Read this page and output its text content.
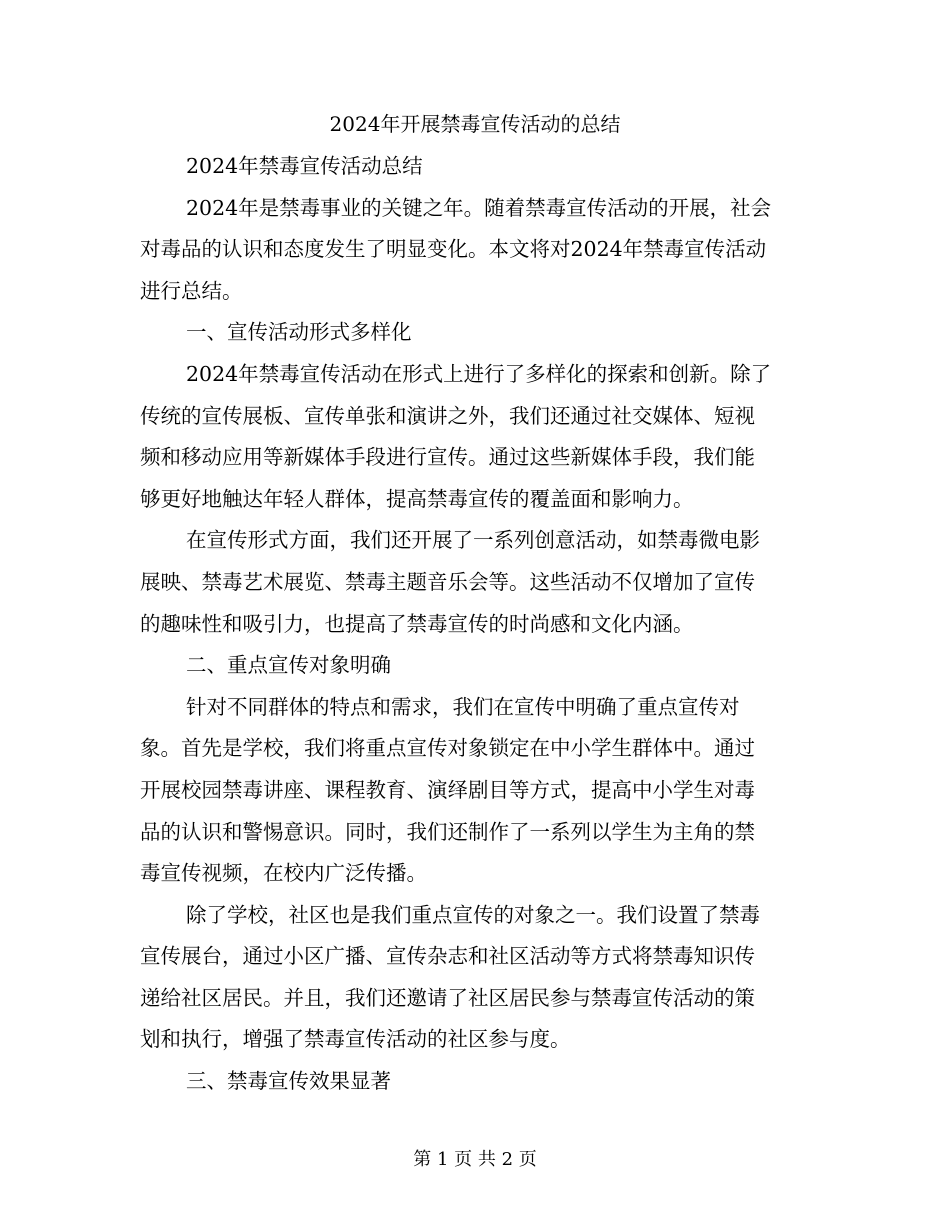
2024年开展禁毒宣传活动的总结
2024年禁毒宣传活动总结
2024年是禁毒事业的关键之年。随着禁毒宣传活动的开展，社会
对毒品的认识和态度发生了明显变化。本文将对2024年禁毒宣传活动
进行总结。
一、宣传活动形式多样化
2024年禁毒宣传活动在形式上进行了多样化的探索和创新。除了
传统的宣传展板、宣传单张和演讲之外，我们还通过社交媒体、短视
频和移动应用等新媒体手段进行宣传。通过这些新媒体手段，我们能
够更好地触达年轻人群体，提高禁毒宣传的覆盖面和影响力。
在宣传形式方面，我们还开展了一系列创意活动，如禁毒微电影
展映、禁毒艺术展览、禁毒主题音乐会等。这些活动不仅增加了宣传
的趣味性和吸引力，也提高了禁毒宣传的时尚感和文化内涵。
二、重点宣传对象明确
针对不同群体的特点和需求，我们在宣传中明确了重点宣传对
象。首先是学校，我们将重点宣传对象锁定在中小学生群体中。通过
开展校园禁毒讲座、课程教育、演绎剧目等方式，提高中小学生对毒
品的认识和警惕意识。同时，我们还制作了一系列以学生为主角的禁
毒宣传视频，在校内广泛传播。
除了学校，社区也是我们重点宣传的对象之一。我们设置了禁毒
宣传展台，通过小区广播、宣传杂志和社区活动等方式将禁毒知识传
递给社区居民。并且，我们还邀请了社区居民参与禁毒宣传活动的策
划和执行，增强了禁毒宣传活动的社区参与度。
三、禁毒宣传效果显著
第 1 页 共 2 页
